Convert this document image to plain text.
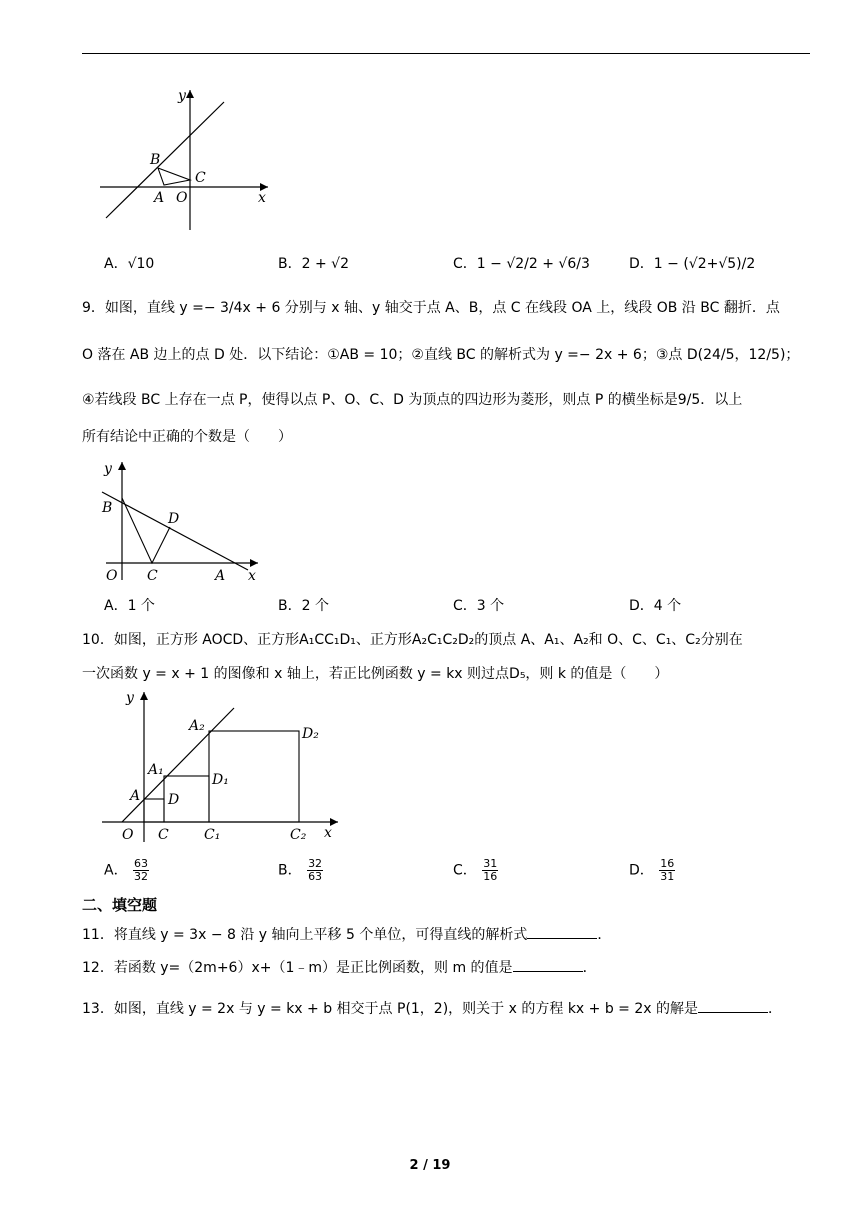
y
B
C
A O	x
A．√10	B．2 + √2	C．1 − √2/2 + √6/3	D．1 − (√2+√5)/2
9．如图，直线 y =− 3/4x + 6 分别与 x 轴、y 轴交于点 A、B，点 C 在线段 OA 上，线段 OB 沿 BC 翻折．点
O 落在 AB 边上的点 D 处．以下结论：①AB = 10；②直线 BC 的解析式为 y =− 2x + 6；③点 D(24/5，12/5)；
④若线段 BC 上存在一点 P，使得以点 P、O、C、D 为顶点的四边形为菱形，则点 P 的横坐标是9/5．以上
所有结论中正确的个数是（　　）
y
B
D
O C	A x
A．1 个	B．2 个	C．3 个	D．4 个
10．如图，正方形 AOCD、正方形A₁CC₁D₁、正方形A₂C₁C₂D₂的顶点 A、A₁、A₂和 O、C、C₁、C₂分别在
一次函数 y = x + 1 的图像和 x 轴上，若正比例函数 y = kx 则过点D₅，则 k 的值是（　　）
y
A₂	D₂
A₁
D₁
A D
O C	C₁	C₂ x
A． $\frac{63}{32}$	B． $\frac{32}{63}$	C． $\frac{31}{16}$	D． $\frac{16}{31}$
二、填空题
11．将直线 y = 3x − 8 沿 y 轴向上平移 5 个单位，可得直线的解析式	．
12．若函数 y=（2m+6）x+（1﹣m）是正比例函数，则 m 的值是	．
13．如图，直线 y = 2x 与 y = kx + b 相交于点 P(1，2)，则关于 x 的方程 kx + b = 2x 的解是	．
2 / 19
